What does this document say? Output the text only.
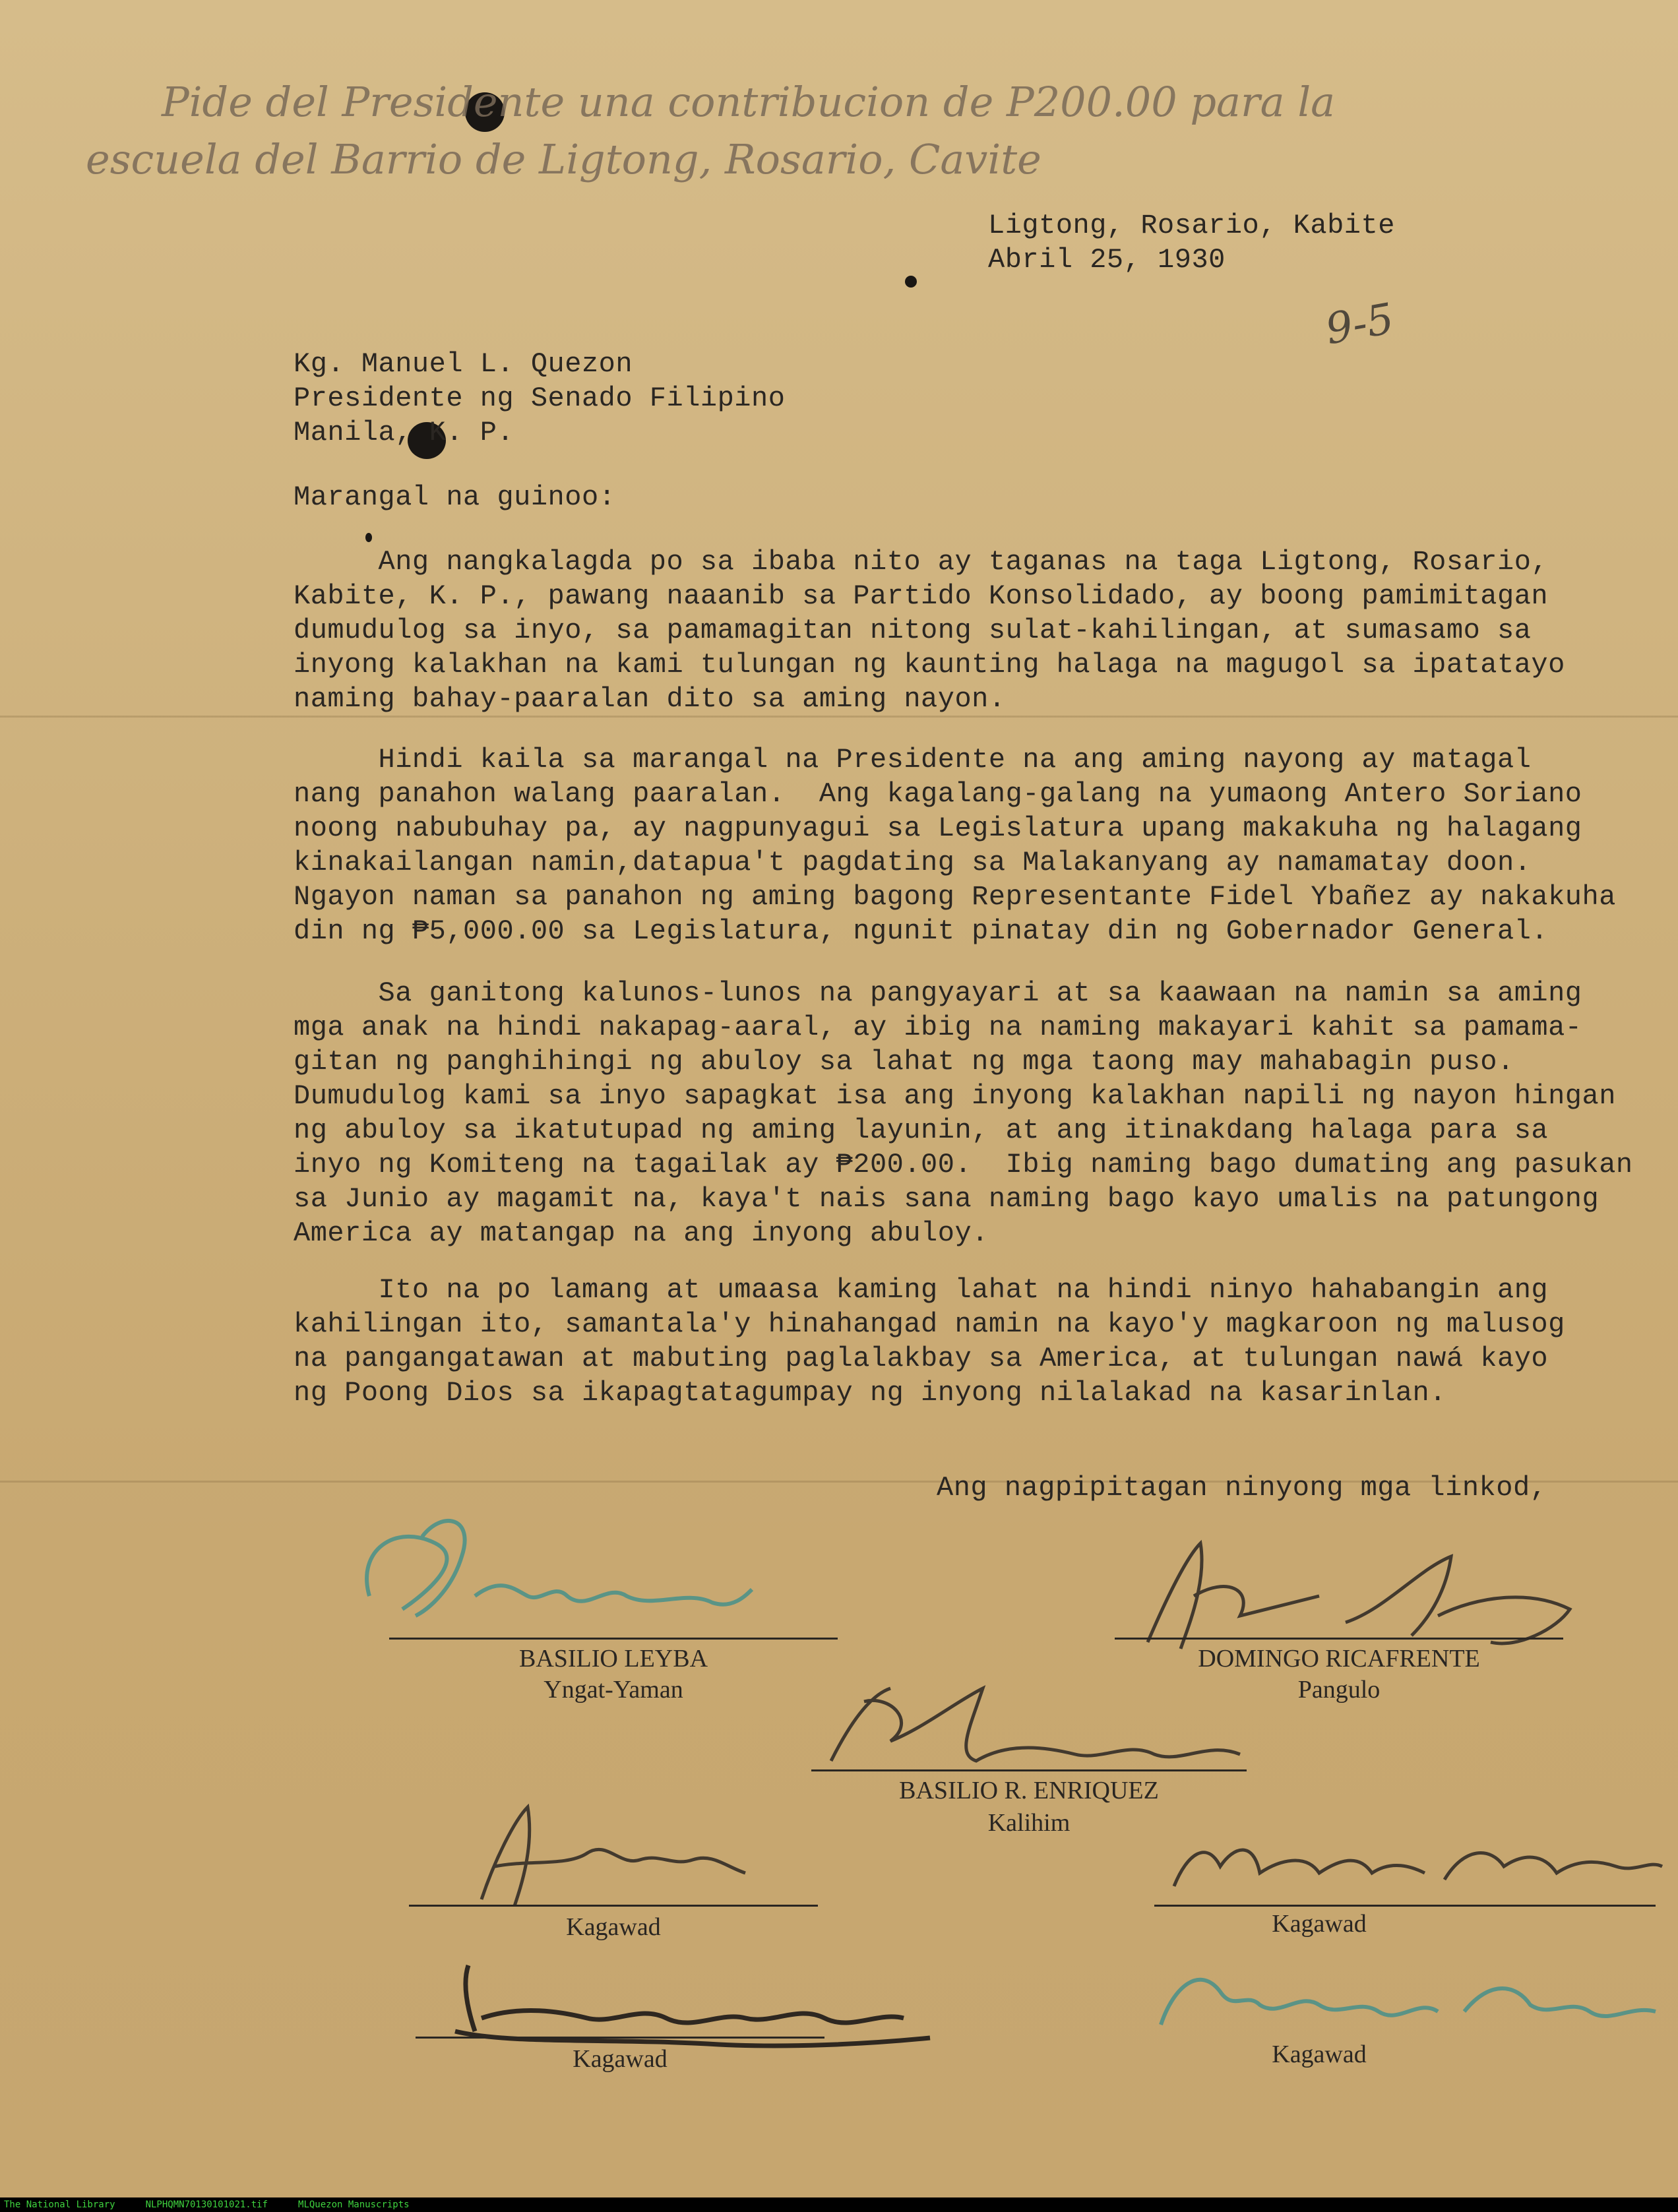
Pide del Presidente una contribucion de P200.00 para la
escuela del Barrio de Ligtong, Rosario, Cavite
Ligtong, Rosario, Kabite
Abril 25, 1930
9-5
Kg. Manuel L. Quezon
Presidente ng Senado Filipino
Manila, K. P.
Marangal na guinoo:
Ang nangkalagda po sa ibaba nito ay taganas na taga Ligtong, Rosario,
Kabite, K. P., pawang naaanib sa Partido Konsolidado, ay boong pamimitagan
dumudulog sa inyo, sa pamamagitan nitong sulat-kahilingan, at sumasamo sa
inyong kalakhan na kami tulungan ng kaunting halaga na magugol sa ipatatayo
naming bahay-paaralan dito sa aming nayon.
Hindi kaila sa marangal na Presidente na ang aming nayong ay matagal
nang panahon walang paaralan.  Ang kagalang-galang na yumaong Antero Soriano
noong nabubuhay pa, ay nagpunyagui sa Legislatura upang makakuha ng halagang
kinakailangan namin,datapua't pagdating sa Malakanyang ay namamatay doon.
Ngayon naman sa panahon ng aming bagong Representante Fidel Ybañez ay nakakuha
din ng ₱5,000.00 sa Legislatura, ngunit pinatay din ng Gobernador General.
Sa ganitong kalunos-lunos na pangyayari at sa kaawaan na namin sa aming
mga anak na hindi nakapag-aaral, ay ibig na naming makayari kahit sa pamama-
gitan ng panghihingi ng abuloy sa lahat ng mga taong may mahabagin puso.
Dumudulog kami sa inyo sapagkat isa ang inyong kalakhan napili ng nayon hingan
ng abuloy sa ikatutupad ng aming layunin, at ang itinakdang halaga para sa
inyo ng Komiteng na tagailak ay ₱200.00.  Ibig naming bago dumating ang pasukan
sa Junio ay magamit na, kaya't nais sana naming bago kayo umalis na patungong
America ay matangap na ang inyong abuloy.
Ito na po lamang at umaasa kaming lahat na hindi ninyo hahabangin ang
kahilingan ito, samantala'y hinahangad namin na kayo'y magkaroon ng malusog
na pangangatawan at mabuting paglalakbay sa America, at tulungan nawá kayo
ng Poong Dios sa ikapagtatagumpay ng inyong nilalakad na kasarinlan.
Ang nagpipitagan ninyong mga linkod,
BASILIO LEYBA
Yngat-Yaman
DOMINGO RICAFRENTE
Pangulo
BASILIO R. ENRIQUEZ
Kalihim
Kagawad	Kagawad
Kagawad	Kagawad
The National Library	NLPHQMN70130101021.tif	MLQuezon Manuscripts
